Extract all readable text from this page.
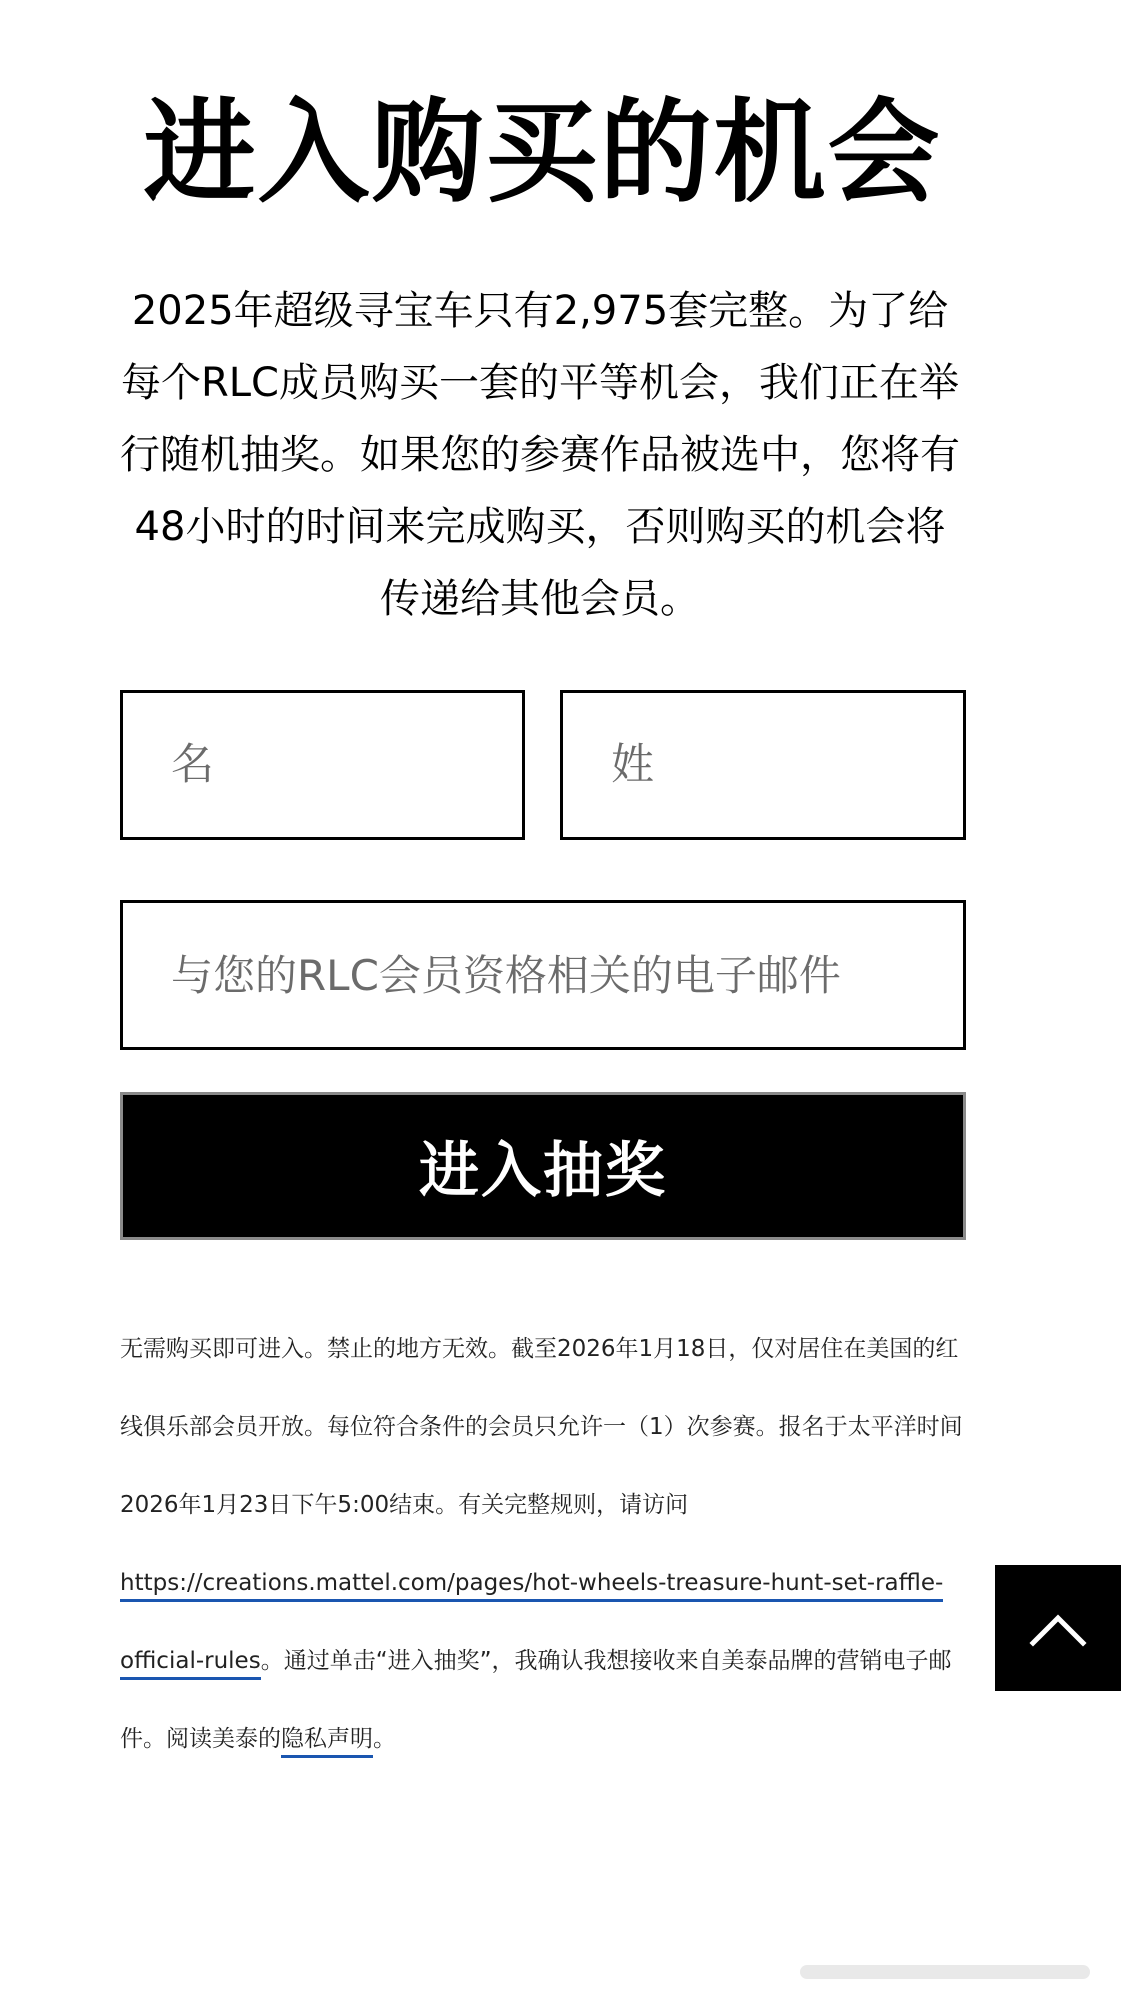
进入购买的机会

2025年超级寻宝车只有2,975套完整。为了给每个RLC成员购买一套的平等机会，我们正在举行随机抽奖。如果您的参赛作品被选中，您将有48小时的时间来完成购买，否则购买的机会将传递给其他会员。

名
姓
与您的RLC会员资格相关的电子邮件
进入抽奖

无需购买即可进入。禁止的地方无效。截至2026年1月18日，仅对居住在美国的红线俱乐部会员开放。每位符合条件的会员只允许一（1）次参赛。报名于太平洋时间2026年1月23日下午5:00结束。有关完整规则，请访问https://creations.mattel.com/pages/hot-wheels-treasure-hunt-set-raffle-official-rules。通过单击“进入抽奖”，我确认我想接收来自美泰品牌的营销电子邮件。阅读美泰的隐私声明。
